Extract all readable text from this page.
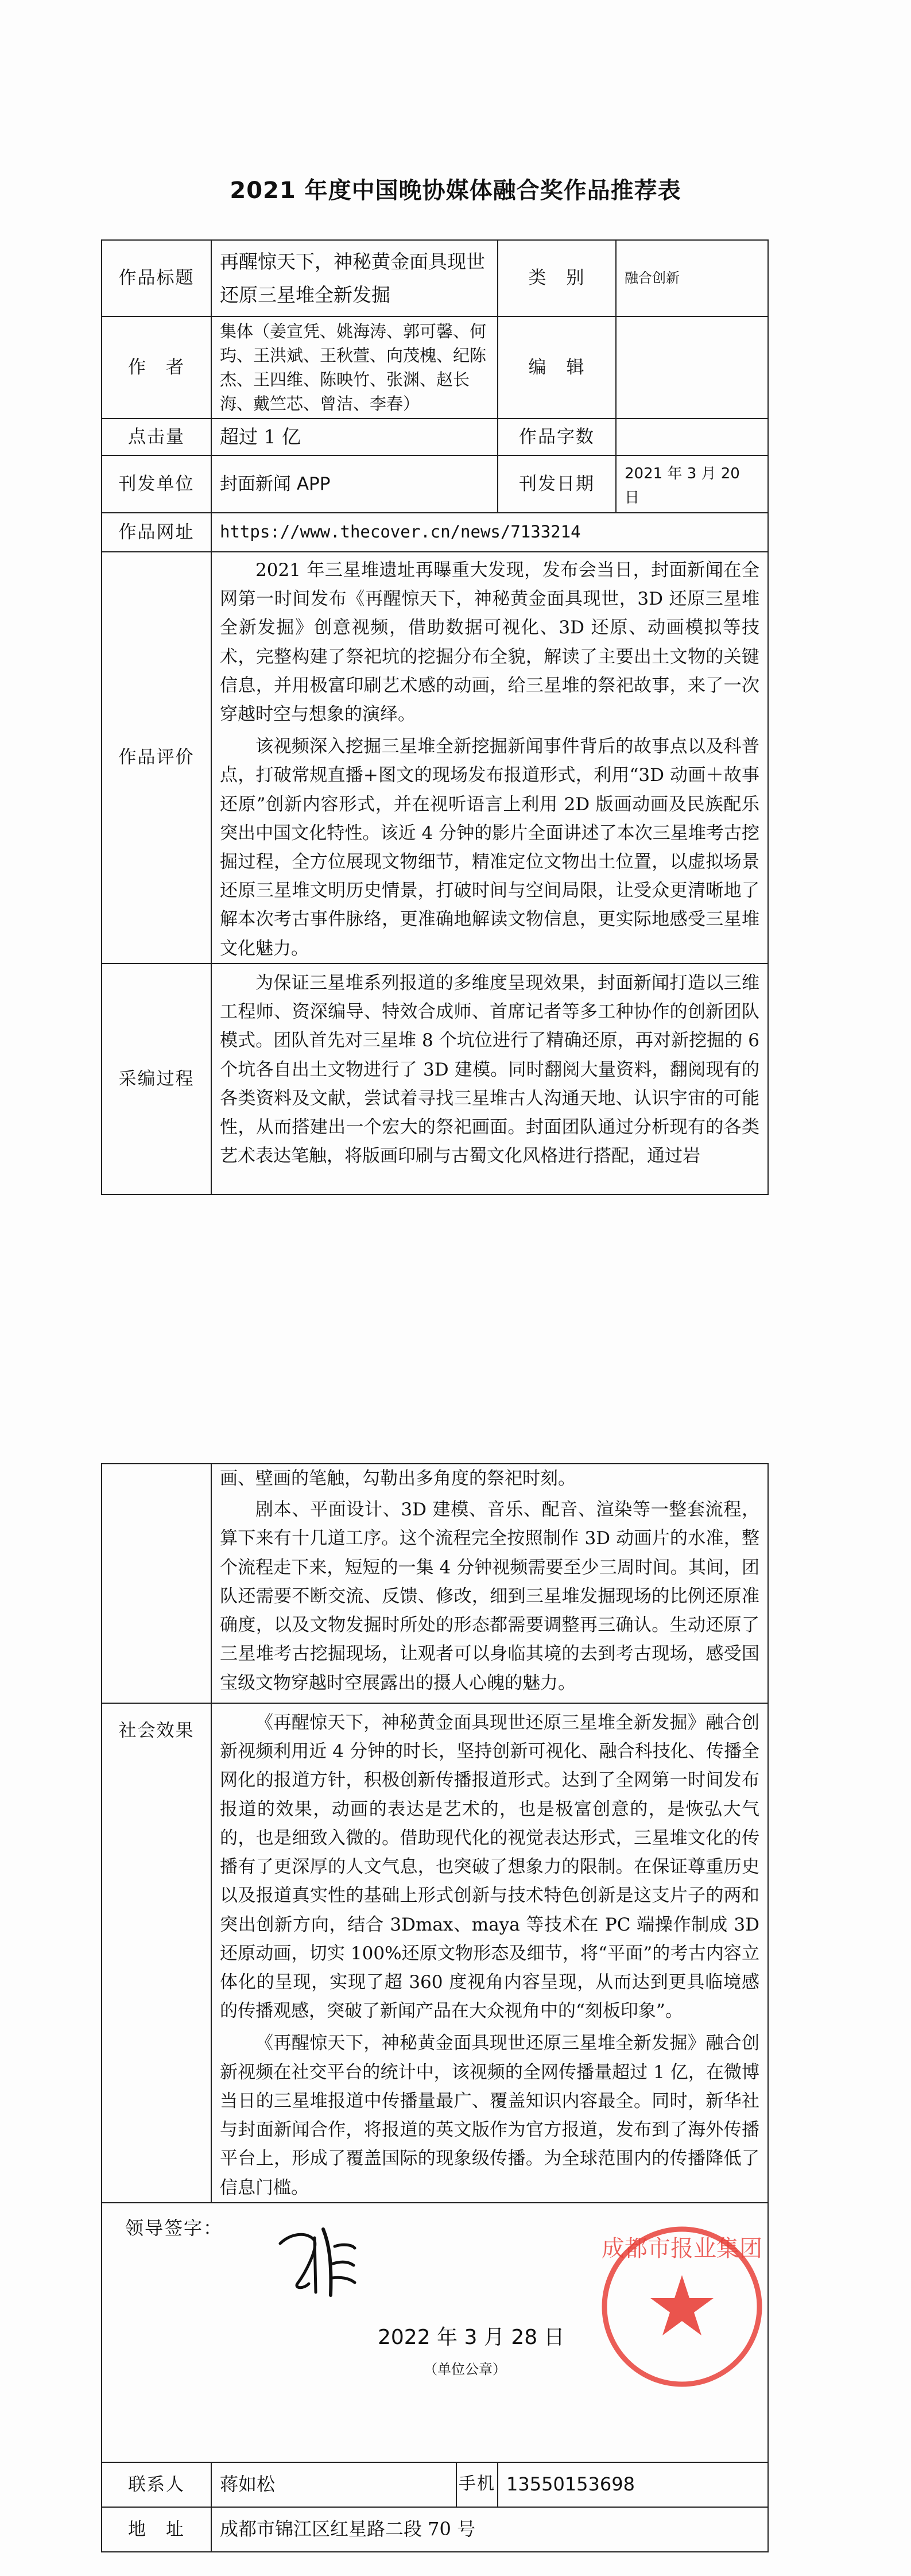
2021 年度中国晚协媒体融合奖作品推荐表
作品标题	再醒惊天下，神秘黄金面具现世还原三星堆全新发掘	类　别	融合创新
作　者	集体（姜宣凭、姚海涛、郭可馨、何玙、王洪斌、王秋萱、向茂槐、纪陈杰、王四维、陈映竹、张渊、赵长海、戴竺芯、曾洁、李春）	编　辑	
点击量	超过 1 亿	作品字数	
刊发单位	封面新闻 APP	刊发日期	2021 年 3 月 20 日
作品网址	https://www.thecover.cn/news/7133214		
作品评价	2021 年三星堆遗址再曝重大发现，发布会当日，封面新闻在全网第一时间发布《再醒惊天下，神秘黄金面具现世，3D 还原三星堆全新发掘》创意视频，借助数据可视化、3D 还原、动画模拟等技术，完整构建了祭祀坑的挖掘分布全貌，解读了主要出土文物的关键信息，并用极富印刷艺术感的动画，给三星堆的祭祀故事，来了一次穿越时空与想象的演绎。

该视频深入挖掘三星堆全新挖掘新闻事件背后的故事点以及科普点，打破常规直播+图文的现场发布报道形式，利用“3D 动画＋故事还原”创新内容形式，并在视听语言上利用 2D 版画动画及民族配乐突出中国文化特性。该近 4 分钟的影片全面讲述了本次三星堆考古挖掘过程，全方位展现文物细节，精准定位文物出土位置，以虚拟场景还原三星堆文明历史情景，打破时间与空间局限，让受众更清晰地了解本次考古事件脉络，更准确地解读文物信息，更实际地感受三星堆文化魅力。		

采编过程	为保证三星堆系列报道的多维度呈现效果，封面新闻打造以三维工程师、资深编导、特效合成师、首席记者等多工种协作的创新团队模式。团队首先对三星堆 8 个坑位进行了精确还原，再对新挖掘的 6 个坑各自出土文物进行了 3D 建模。同时翻阅大量资料，翻阅现有的各类资料及文献，尝试着寻找三星堆古人沟通天地、认识宇宙的可能性，从而搭建出一个宏大的祭祀画面。封面团队通过分析现有的各类艺术表达笔触，将版画印刷与古蜀文化风格进行搭配，通过岩		

	画、壁画的笔触，勾勒出多角度的祭祀时刻。

剧本、平面设计、3D 建模、音乐、配音、渲染等一整套流程，算下来有十几道工序。这个流程完全按照制作 3D 动画片的水准，整个流程走下来，短短的一集 4 分钟视频需要至少三周时间。其间，团队还需要不断交流、反馈、修改，细到三星堆发掘现场的比例还原准确度，以及文物发掘时所处的形态都需要调整再三确认。生动还原了三星堆考古挖掘现场，让观者可以身临其境的去到考古现场，感受国宝级文物穿越时空展露出的摄人心魄的魅力。		

社会效果	《再醒惊天下，神秘黄金面具现世还原三星堆全新发掘》融合创新视频利用近 4 分钟的时长，坚持创新可视化、融合科技化、传播全网化的报道方针，积极创新传播报道形式。达到了全网第一时间发布报道的效果，动画的表达是艺术的，也是极富创意的，是恢弘大气的，也是细致入微的。借助现代化的视觉表达形式，三星堆文化的传播有了更深厚的人文气息，也突破了想象力的限制。在保证尊重历史以及报道真实性的基础上形式创新与技术特色创新是这支片子的两和突出创新方向，结合 3Dmax、maya 等技术在 PC 端操作制成 3D 还原动画，切实 100%还原文物形态及细节，将“平面”的考古内容立体化的呈现，实现了超 360 度视角内容呈现，从而达到更具临境感的传播观感，突破了新闻产品在大众视角中的“刻板印象”。

《再醒惊天下，神秘黄金面具现世还原三星堆全新发掘》融合创新视频在社交平台的统计中，该视频的全网传播量超过 1 亿，在微博当日的三星堆报道中传播量最广、覆盖知识内容最全。同时，新华社与封面新闻合作，将报道的英文版作为官方报道，发布到了海外传播平台上，形成了覆盖国际的现象级传播。为全球范围内的传播降低了信息门槛。		

领导签字：
成都市报业集团
2022 年 3 月 28 日
（单位公章）			

联系人	蒋如松	手机	13550153698
地　址	成都市锦江区红星路二段 70 号		
